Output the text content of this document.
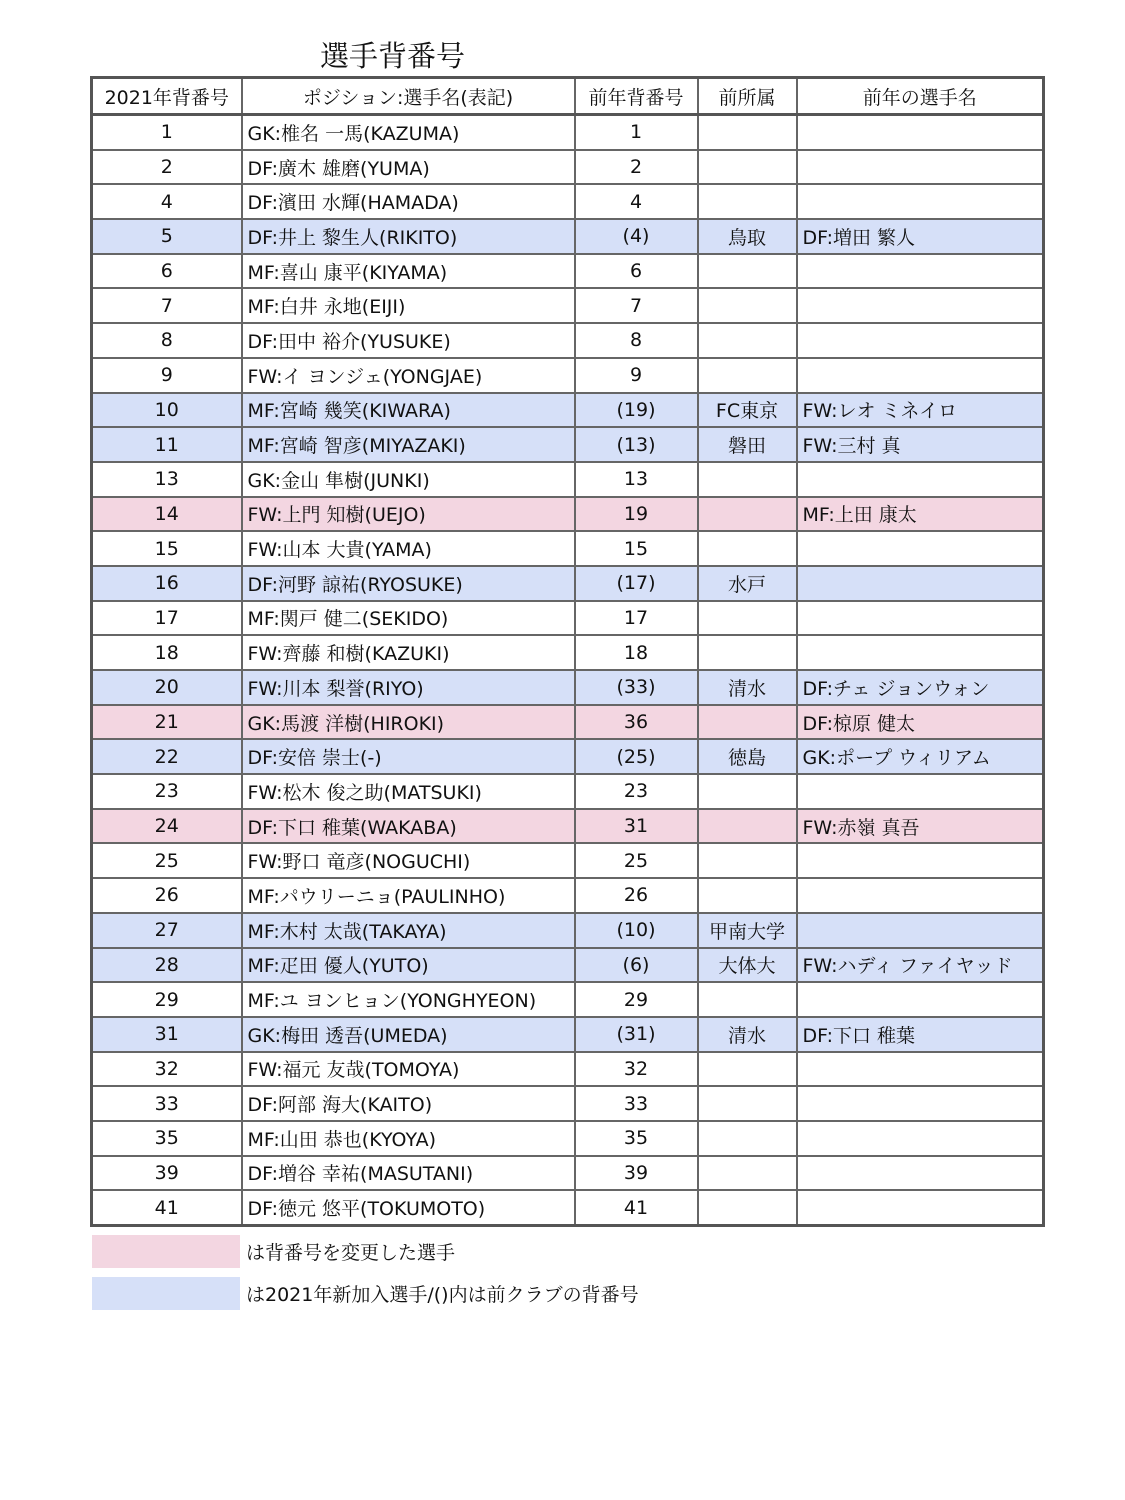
選手背番号
2021年背番号	ポジション:選手名(表記)	前年背番号	前所属	前年の選手名
1	GK:椎名 一馬(KAZUMA)	1		
2	DF:廣木 雄磨(YUMA)	2		
4	DF:濱田 水輝(HAMADA)	4		
5	DF:井上 黎生人(RIKITO)	(4)	鳥取	DF:増田 繁人
6	MF:喜山 康平(KIYAMA)	6		
7	MF:白井 永地(EIJI)	7		
8	DF:田中 裕介(YUSUKE)	8		
9	FW:イ ヨンジェ(YONGJAE)	9		
10	MF:宮崎 幾笑(KIWARA)	(19)	FC東京	FW:レオ ミネイロ
11	MF:宮崎 智彦(MIYAZAKI)	(13)	磐田	FW:三村 真
13	GK:金山 隼樹(JUNKI)	13		
14	FW:上門 知樹(UEJO)	19		MF:上田 康太
15	FW:山本 大貴(YAMA)	15		
16	DF:河野 諒祐(RYOSUKE)	(17)	水戸	
17	MF:関戸 健二(SEKIDO)	17		
18	FW:齊藤 和樹(KAZUKI)	18		
20	FW:川本 梨誉(RIYO)	(33)	清水	DF:チェ ジョンウォン
21	GK:馬渡 洋樹(HIROKI)	36		DF:椋原 健太
22	DF:安倍 崇士(-)	(25)	徳島	GK:ポープ ウィリアム
23	FW:松木 俊之助(MATSUKI)	23		
24	DF:下口 稚葉(WAKABA)	31		FW:赤嶺 真吾
25	FW:野口 竜彦(NOGUCHI)	25		
26	MF:パウリーニョ(PAULINHO)	26		
27	MF:木村 太哉(TAKAYA)	(10)	甲南大学	
28	MF:疋田 優人(YUTO)	(6)	大体大	FW:ハディ ファイヤッド
29	MF:ユ ヨンヒョン(YONGHYEON)	29		
31	GK:梅田 透吾(UMEDA)	(31)	清水	DF:下口 稚葉
32	FW:福元 友哉(TOMOYA)	32		
33	DF:阿部 海大(KAITO)	33		
35	MF:山田 恭也(KYOYA)	35		
39	DF:増谷 幸祐(MASUTANI)	39		
41	DF:徳元 悠平(TOKUMOTO)	41		
は背番号を変更した選手
は2021年新加入選手/()内は前クラブの背番号
